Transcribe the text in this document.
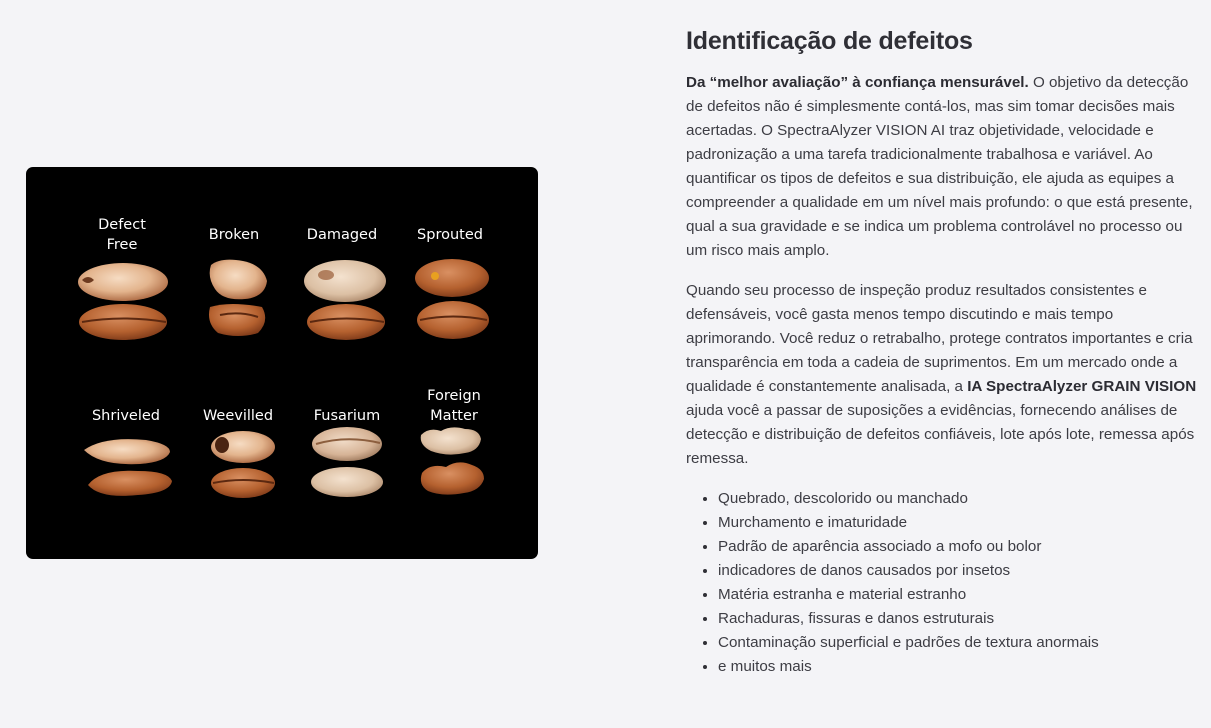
Defect
Free
Broken	Damaged	Sprouted
Shriveled	Weevilled	Fusarium
Foreign
Matter
Identificação de defeitos

Da “melhor avaliação” à confiança mensurável. O objetivo da detecção de defeitos não é simplesmente contá-los, mas sim tomar decisões mais acertadas. O SpectraAlyzer VISION AI traz objetividade, velocidade e padronização a uma tarefa tradicionalmente trabalhosa e variável. Ao quantificar os tipos de defeitos e sua distribuição, ele ajuda as equipes a compreender a qualidade em um nível mais profundo: o que está presente, qual a sua gravidade e se indica um problema controlável no processo ou um risco mais amplo.

Quando seu processo de inspeção produz resultados consistentes e defensáveis, você gasta menos tempo discutindo e mais tempo aprimorando. Você reduz o retrabalho, protege contratos importantes e cria transparência em toda a cadeia de suprimentos. Em um mercado onde a qualidade é constantemente analisada, a IA SpectraAlyzer GRAIN VISION ajuda você a passar de suposições a evidências, fornecendo análises de detecção e distribuição de defeitos confiáveis, lote após lote, remessa após remessa.

• Quebrado, descolorido ou manchado
• Murchamento e imaturidade
• Padrão de aparência associado a mofo ou bolor
• indicadores de danos causados por insetos
• Matéria estranha e material estranho
• Rachaduras, fissuras e danos estruturais
• Contaminação superficial e padrões de textura anormais
• e muitos mais
